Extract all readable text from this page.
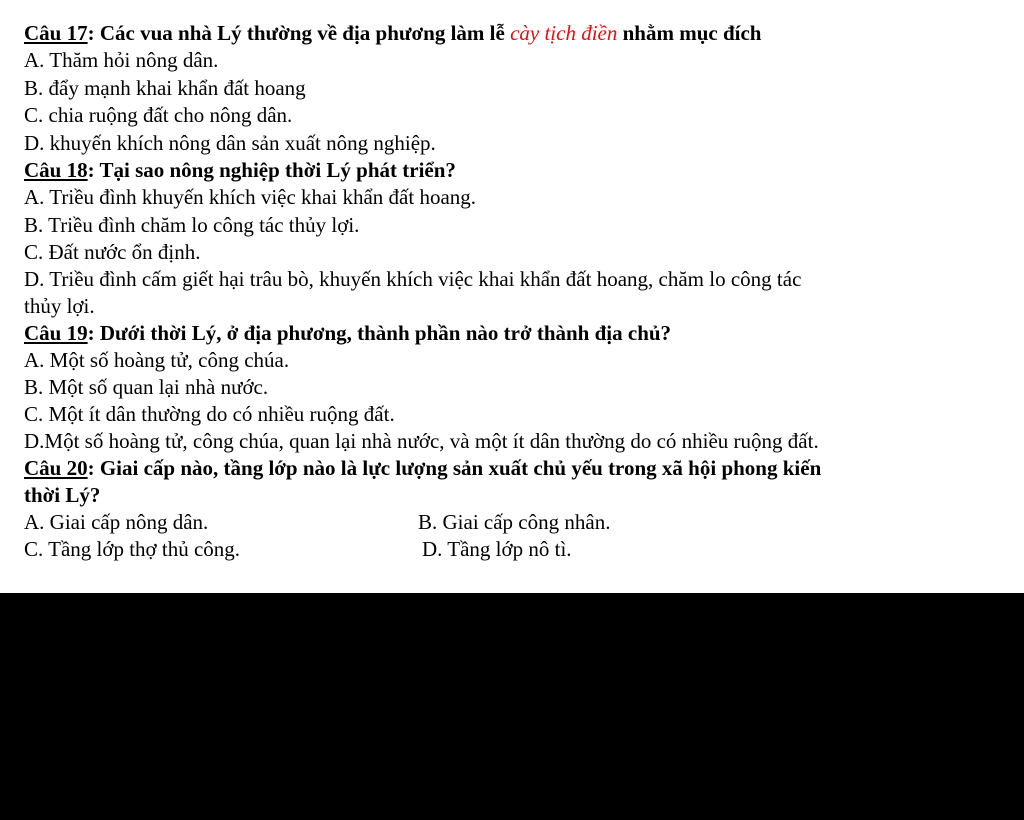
Câu 17: Các vua nhà Lý thường về địa phương làm lễ cày tịch điền nhằm mục đích
A. Thăm hỏi nông dân.
B. đẩy mạnh khai khẩn đất hoang
C. chia ruộng đất cho nông dân.
D. khuyến khích nông dân sản xuất nông nghiệp.
Câu 18: Tại sao nông nghiệp thời Lý phát triển?
A. Triều đình khuyến khích việc khai khẩn đất hoang.
B. Triều đình chăm lo công tác thủy lợi.
C. Đất nước ổn định.
D. Triều đình cấm giết hại trâu bò, khuyến khích việc khai khẩn đất hoang, chăm lo công tác
thủy lợi.
Câu 19: Dưới thời Lý, ở địa phương, thành phần nào trở thành địa chủ?
A. Một số hoàng tử, công chúa.
B. Một số quan lại nhà nước.
C. Một ít dân thường do có nhiều ruộng đất.
D.Một số hoàng tử, công chúa, quan lại nhà nước, và một ít dân thường do có nhiều ruộng đất.
Câu 20: Giai cấp nào, tầng lớp nào là lực lượng sản xuất chủ yếu trong xã hội phong kiến
thời Lý?
A. Giai cấp nông dân.	B. Giai cấp công nhân.
C. Tầng lớp thợ thủ công.	D. Tầng lớp nô tì.
